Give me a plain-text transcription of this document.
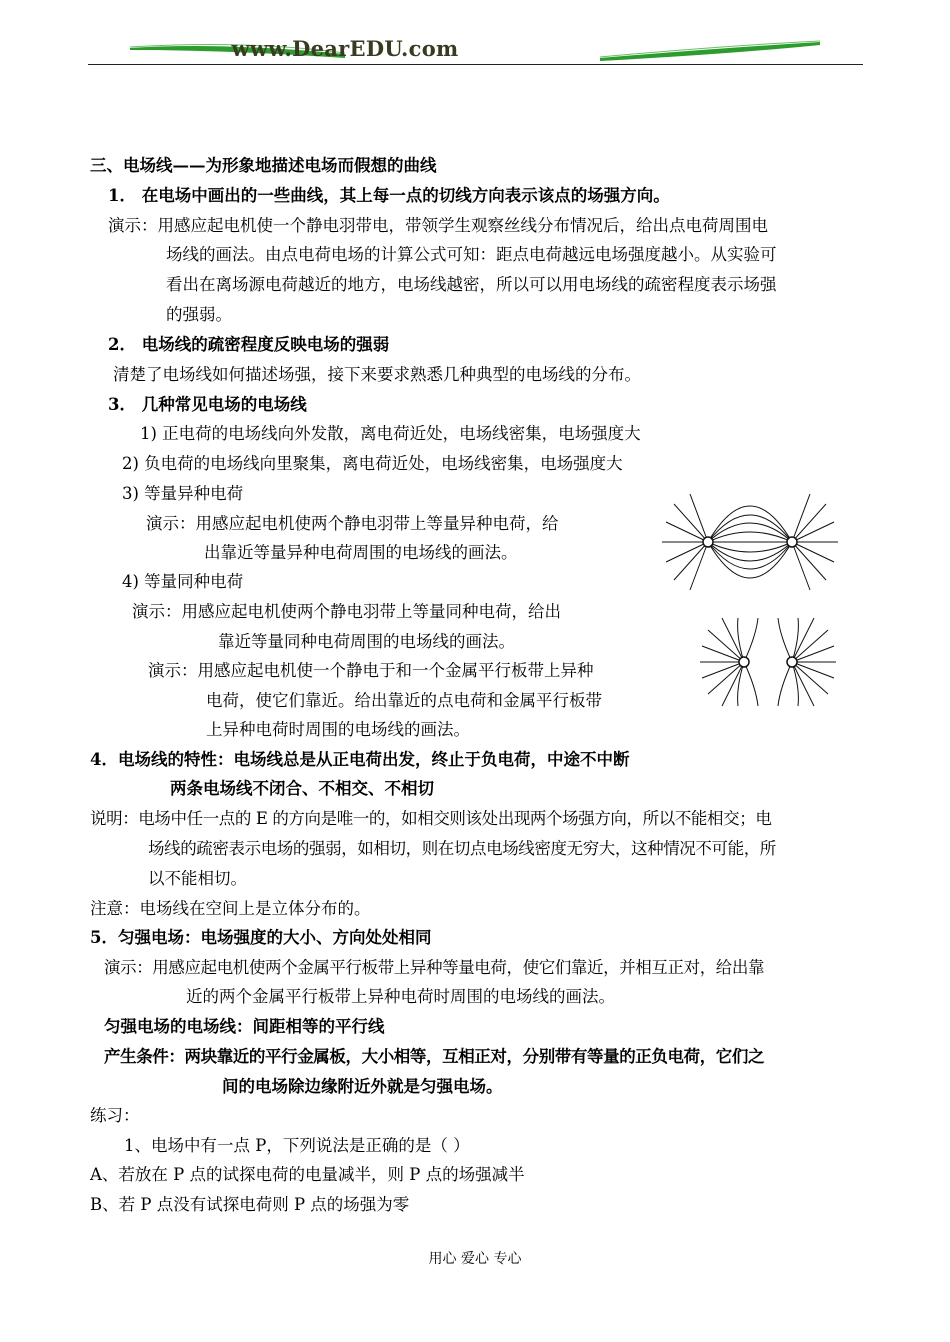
www.DearEDU.com
三、电场线——为形象地描述电场而假想的曲线
1． 在电场中画出的一些曲线，其上每一点的切线方向表示该点的场强方向。
演示：用感应起电机使一个静电羽带电，带领学生观察丝线分布情况后，给出点电荷周围电
场线的画法。由点电荷电场的计算公式可知：距点电荷越远电场强度越小。从实验可
看出在离场源电荷越近的地方，电场线越密，所以可以用电场线的疏密程度表示场强
的强弱。
2． 电场线的疏密程度反映电场的强弱
清楚了电场线如何描述场强，接下来要求熟悉几种典型的电场线的分布。
3． 几种常见电场的电场线
1) 正电荷的电场线向外发散，离电荷近处，电场线密集，电场强度大
2) 负电荷的电场线向里聚集，离电荷近处，电场线密集，电场强度大
3) 等量异种电荷
演示：用感应起电机使两个静电羽带上等量异种电荷，给
出靠近等量异种电荷周围的电场线的画法。
4) 等量同种电荷
演示：用感应起电机使两个静电羽带上等量同种电荷，给出
靠近等量同种电荷周围的电场线的画法。
演示：用感应起电机使一个静电于和一个金属平行板带上异种
电荷，使它们靠近。给出靠近的点电荷和金属平行板带
上异种电荷时周围的电场线的画法。
4．电场线的特性：电场线总是从正电荷出发，终止于负电荷，中途不中断
两条电场线不闭合、不相交、不相切
说明：电场中任一点的 E 的方向是唯一的，如相交则该处出现两个场强方向，所以不能相交；电
场线的疏密表示电场的强弱，如相切，则在切点电场线密度无穷大，这种情况不可能，所
以不能相切。
注意：电场线在空间上是立体分布的。
5．匀强电场：电场强度的大小、方向处处相同
演示：用感应起电机使两个金属平行板带上异种等量电荷，使它们靠近，并相互正对，给出靠
近的两个金属平行板带上异种电荷时周围的电场线的画法。
匀强电场的电场线：间距相等的平行线
产生条件：两块靠近的平行金属板，大小相等，互相正对，分别带有等量的正负电荷，它们之
间的电场除边缘附近外就是匀强电场。
练习：
1、电场中有一点 P，下列说法是正确的是（ ）
A、若放在 P 点的试探电荷的电量减半，则 P 点的场强减半
B、若 P 点没有试探电荷则 P 点的场强为零
用心 爱心 专心
